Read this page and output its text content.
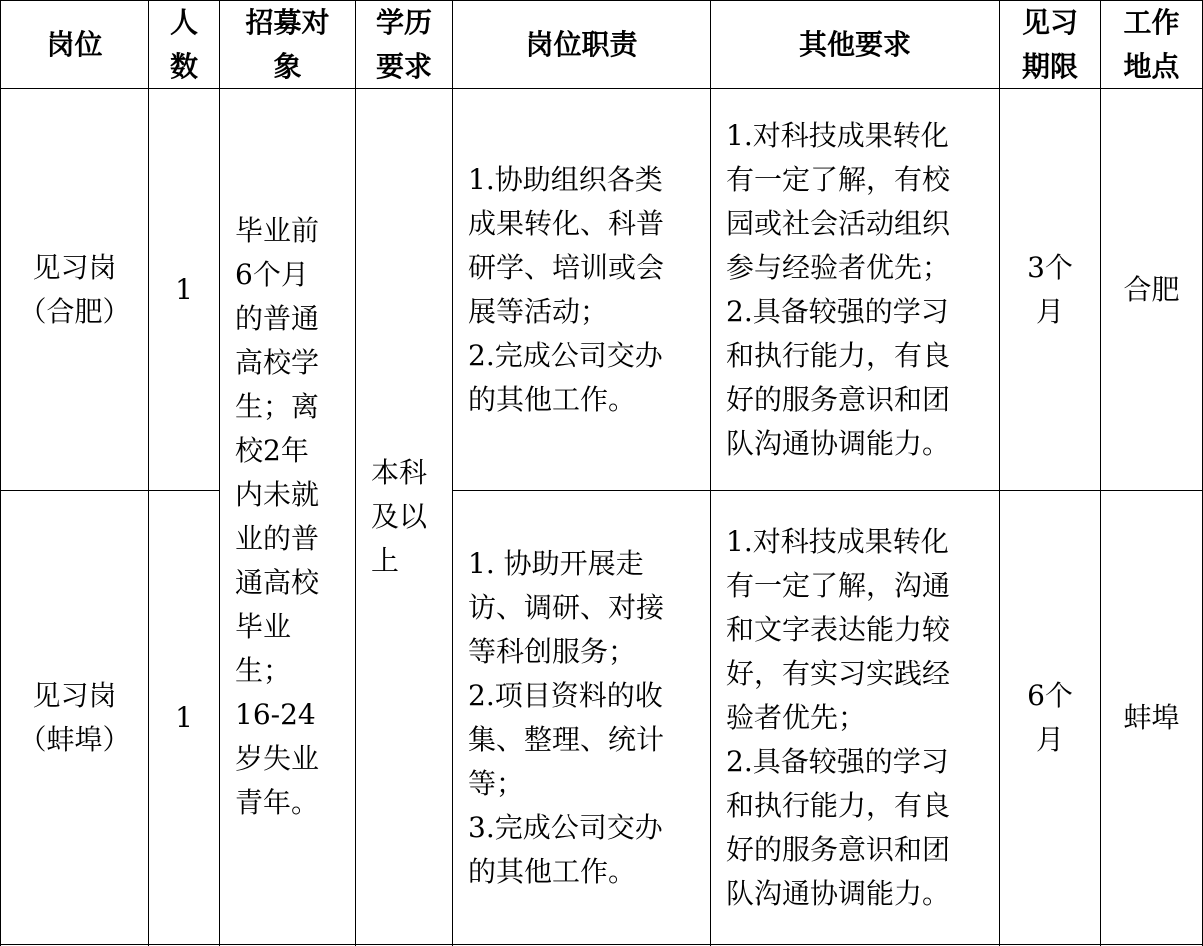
岗位
人
数
招募对
象
学历
要求
岗位职责	其他要求
见习
期限
工作
地点
见习岗
（合肥）
1
1.协助组织各类
成果转化、科普
研学、培训或会
展等活动；
2.完成公司交办
的其他工作。
1.对科技成果转化
有一定了解，有校
园或社会活动组织
参与经验者优先；
2.具备较强的学习
和执行能力，有良
好的服务意识和团
队沟通协调能力。
3个
月
合肥
毕业前
6个月
的普通
高校学
生；离
校2年
内未就
业的普
通高校
毕业
生；
16-24
岁失业
青年。
本科
及以
上
见习岗
（蚌埠）
1
1. 协助开展走
访、调研、对接
等科创服务；
2.项目资料的收
集、整理、统计
等；
3.完成公司交办
的其他工作。
1.对科技成果转化
有一定了解，沟通
和文字表达能力较
好，有实习实践经
验者优先；
2.具备较强的学习
和执行能力，有良
好的服务意识和团
队沟通协调能力。
6个
月
蚌埠
